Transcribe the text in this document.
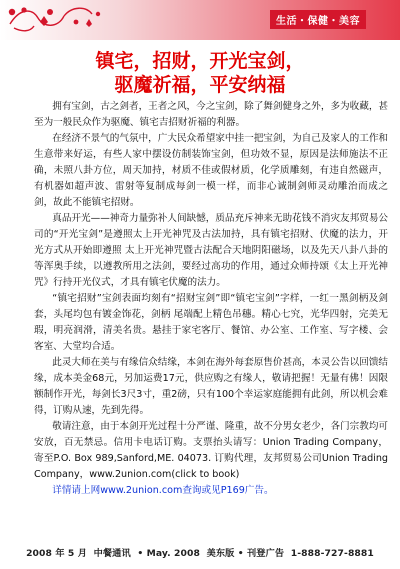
生活・保健・美容
镇宅，招财，开光宝剑，
驱魔祈福，平安纳福

拥有宝剑，古之剑者，王者之风，今之宝剑，除了舞剑健身之外，多为收藏，甚至为一般民众作为驱魔、镇宅吉招财祈福的利器。

在经济不景气的气氛中，广大民众希望家中挂一把宝剑，为自己及家人的工作和生意带来好运，有些人家中摆设仿制装饰宝剑，但功效不显，原因是法师施法不正确，未照八卦方位，周天加持，材质不佳或假材质，化学质雕刻，有违自然磁声，有机器如超声波、雷射等复制成每剑一模一样，而非心诚制剑师灵动雕治而成之剑，故此不能镇宅招财。

真品开光——神奇力量弥补人间缺憾，质品充斥神来无助花钱不消灾友邦贸易公司的“开光宝剑”是遵照太上开光神咒及古法加持，具有镇宅招财、伏魔的法力，开光方式从开始即遵照 太上开光神咒暨古法配合天地阴阳磁场，以及先天八卦八卦的等浑奥手续，以遵教所用之法剑，要经过高功的作用，通过众师持颂《太上开光神咒》行持开光仪式，才具有镇宅伏魔的法力。

“镇宅招财”宝剑表面均刻有“招财宝剑”即“镇宅宝剑”字样，一红一黑剑柄及剑套，头尾均包有镀金饰花，剑柄 尾端配上精色吊穗。精心七究，光华四射，完美无瑕，明亮润滑，清美名贵。悬挂于家宅客厅、餐馆、办公室、工作室、写字楼、会客室、大堂均合适。

此灵大师在美与有缘信众结缘，本剑在海外每套原售价甚高，本灵公告以回馈结缘，成本美金68元，另加运费17元，供应购之有缘人，敬请把握！无量有佛！因限额制作开光，每剑长3尺3寸，重2磅，只有100个幸运家庭能拥有此剑，所以机会难得，订购从速，先到先得。

敬请注意，由于本剑开光过程十分严谨、隆重，故不分男女老少，各门宗教均可安放，百无禁忌。信用卡电话订购。支票抬头请写：Union Trading Company，寄至P.O. Box 989,Sanford,ME. 04073. 订购代理，友邦贸易公司Union Trading Company，www.2union.com(click to book)

详情请上网www.2union.com查询或见P169广告。
2008 年 5 月  中餐通讯  • May. 2008  美东版 • 刊登广告  1-888-727-8881
